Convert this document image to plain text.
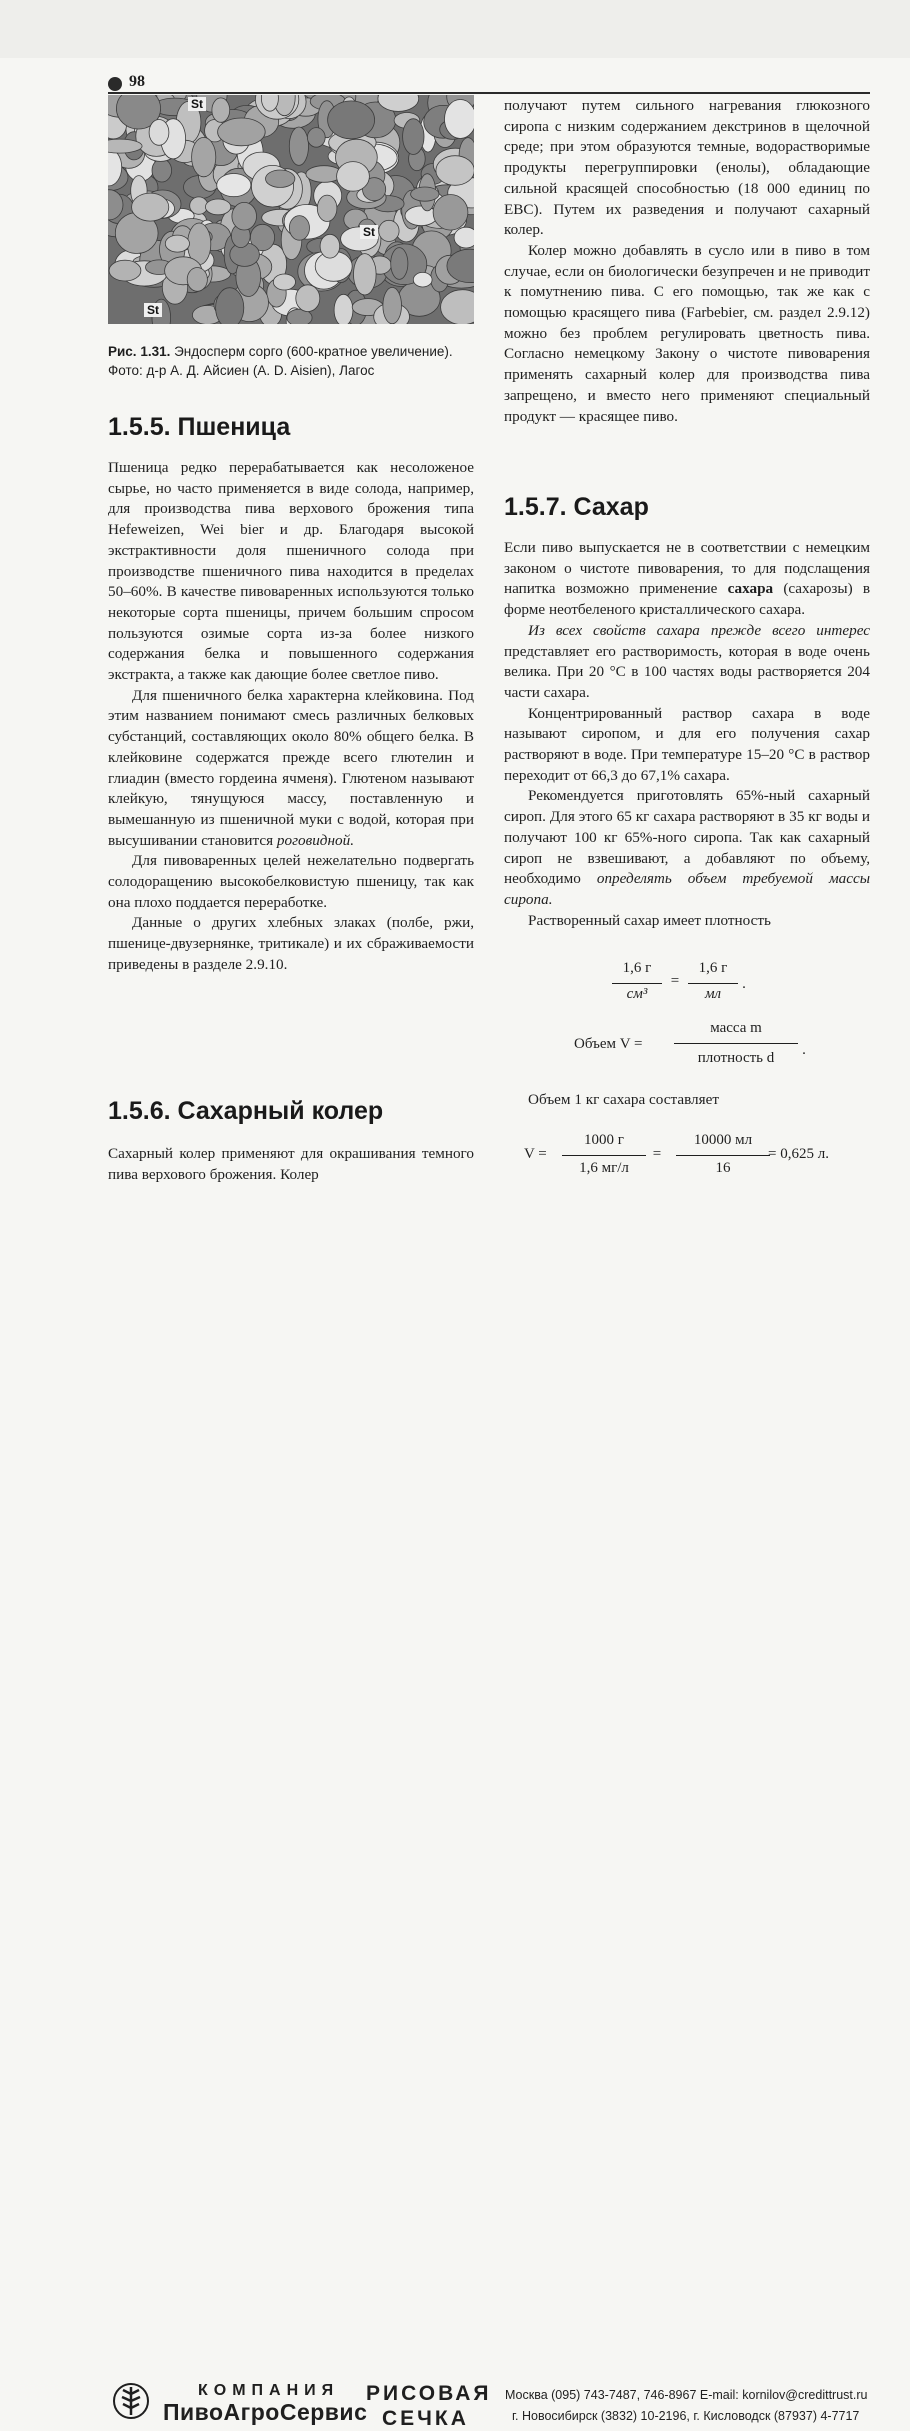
98
St
St
St
Рис. 1.31. Эндосперм сорго (600-кратное увеличение). Фото: д-р А. Д. Айсиен (A. D. Aisien), Лагос
1.5.5. Пшеница

Пшеница редко перерабатывается как несоложеное сырье, но часто применяется в виде солода, например, для производства пива верхового брожения типа Hefeweizen, Wei bier и др. Благодаря высокой экстрактивности доля пшеничного солода при производстве пшеничного пива находится в пределах 50–60%. В качестве пивоваренных используются только некоторые сорта пшеницы, причем большим спросом пользуются озимые сорта из-за более низкого содержания белка и повышенного содержания экстракта, а также как дающие более светлое пиво.

Для пшеничного белка характерна клейковина. Под этим названием понимают смесь различных белковых субстанций, составляющих около 80% общего белка. В клейковине содержатся прежде всего глютелин и глиадин (вместо гордеина ячменя). Глютеном называют клейкую, тянущуюся массу, поставленную и вымешанную из пшеничной муки с водой, которая при высушивании становится роговидной.

Для пивоваренных целей нежелательно подвергать солодоращению высокобелковистую пшеницу, так как она плохо поддается переработке.

Данные о других хлебных злаках (полбе, ржи, пшенице-двузернянке, тритикале) и их сбраживаемости приведены в разделе 2.9.10.

1.5.6. Сахарный колер

Сахарный колер применяют для окрашивания темного пива верхового брожения. Колер

получают путем сильного нагревания глюкозного сиропа с низким содержанием декстринов в щелочной среде; при этом образуются темные, водорастворимые продукты перегруппировки (енолы), обладающие сильной красящей способностью (18 000 единиц по EBC). Путем их разведения и получают сахарный колер.

Колер можно добавлять в сусло или в пиво в том случае, если он биологически безупречен и не приводит к помутнению пива. С его помощью, так же как с помощью красящего пива (Farbebier, см. раздел 2.9.12) можно без проблем регулировать цветность пива. Согласно немецкому Закону о чистоте пивоварения применять сахарный колер для производства пива запрещено, и вместо него применяют специальный продукт — красящее пиво.

1.5.7. Сахар

Если пиво выпускается не в соответствии с немецким законом о чистоте пивоварения, то для подслащения напитка возможно применение сахара (сахарозы) в форме неотбеленого кристаллического сахара.

Из всех свойств сахара прежде всего интерес представляет его растворимость, которая в воде очень велика. При 20 °С в 100 частях воды растворяется 204 части сахара.

Концентрированный раствор сахара в воде называют сиропом, и для его получения сахар растворяют в воде. При температуре 15–20 °С в раствор переходит от 66,3 до 67,1% сахара.

Рекомендуется приготовлять 65%-ный сахарный сироп. Для этого 65 кг сахара растворяют в 35 кг воды и получают 100 кг 65%-ного сиропа. Так как сахарный сироп не взвешивают, а добавляют по объему, необходимо определять объем требуемой массы сиропа.

Растворенный сахар имеет плотность

1,6 г
см³
=
1,6 г
мл
.
Объем V =
масса m
плотность d	.

Объем 1 кг сахара составляет

V =
1000 г
1,6 мг/л
=
10000 мл
16
= 0,625 л.
КОМПАНИЯ
ПивоАгроСервис
РИСОВАЯ
СЕЧКА
Москва (095) 743-7487, 746-8967 E-mail: kornilov@credittrust.ru
г. Новосибирск (3832) 10-2196, г. Кисловодск (87937) 4-7717
